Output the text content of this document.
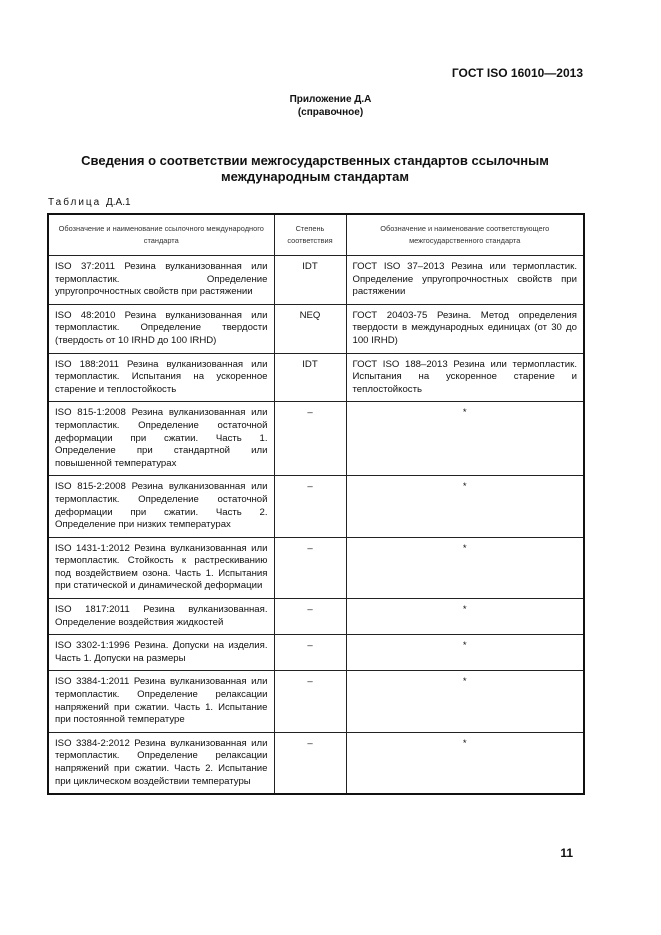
ГОСТ ISO 16010—2013
Приложение Д.А
(справочное)
Сведения о соответствии межгосударственных стандартов ссылочным международным стандартам
Таблица Д.А.1
Обозначение и наименование ссылочного международного стандарта	Степень соответствия	Обозначение и наименование соответствующего межгосударственного стандарта
ISO 37:2011 Резина вулканизованная или термопластик. Определение упругопрочностных свойств при растяжении	IDT	ГОСТ ISO 37–2013 Резина или термопластик. Определение упругопрочностных свойств при растяжении
ISO 48:2010 Резина вулканизованная или термопластик. Определение твердости (твердость от 10 IRHD до 100 IRHD)	NEQ	ГОСТ 20403-75 Резина. Метод определения твердости в международных единицах (от 30 до 100 IRHD)
ISO 188:2011 Резина вулканизованная или термопластик. Испытания на ускоренное старение и теплостойкость	IDT	ГОСТ ISO 188–2013 Резина или термопластик. Испытания на ускоренное старение и теплостойкость
ISO 815-1:2008 Резина вулканизованная или термопластик. Определение остаточной деформации при сжатии. Часть 1. Определение при стандартной или повышенной температурах	–	*
ISO 815-2:2008 Резина вулканизованная или термопластик. Определение остаточной деформации при сжатии. Часть 2. Определение при низких температурах	–	*
ISO 1431-1:2012 Резина вулканизованная или термопластик. Стойкость к растрескиванию под воздействием озона. Часть 1. Испытания при статической и динамической деформации	–	*
ISO 1817:2011 Резина вулканизованная. Определение воздействия жидкостей	–	*
ISO 3302-1:1996 Резина. Допуски на изделия. Часть 1. Допуски на размеры	–	*
ISO 3384-1:2011 Резина вулканизованная или термопластик. Определение релаксации напряжений при сжатии. Часть 1. Испытание при постоянной температуре	–	*
ISO 3384-2:2012 Резина вулканизованная или термопластик. Определение релаксации напряжений при сжатии. Часть 2. Испытание при циклическом воздействии температуры	–	*
11
